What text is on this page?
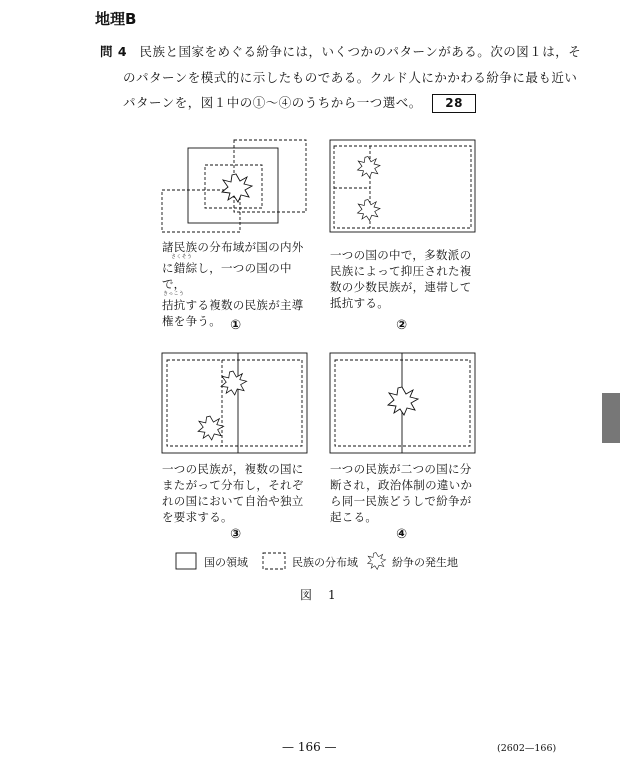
地理B
問 4 民族と国家をめぐる紛争には，いくつかのパターンがある。次の図１は，そ
のパターンを模式的に示したものである。クルド人にかかわる紛争に最も近い
パターンを，図１中の①～④のうちから一つ選べ。 28
諸民族の分布域が国の内外
さくそう
に錯綜し，一つの国の中で，
きっこう
拮抗する複数の民族が主導
権を争う。 ①
一つの国の中で，多数派の
民族によって抑圧された複
数の少数民族が，連帯して
抵抗する。
②
一つの民族が，複数の国に
またがって分布し，それぞ
れの国において自治や独立
を要求する。
③
一つの民族が二つの国に分
断され，政治体制の違いか
ら同一民族どうしで紛争が
起こる。
④
国の領域	民族の分布域	紛争の発生地
図　1
— 166 —	(2602—166)
